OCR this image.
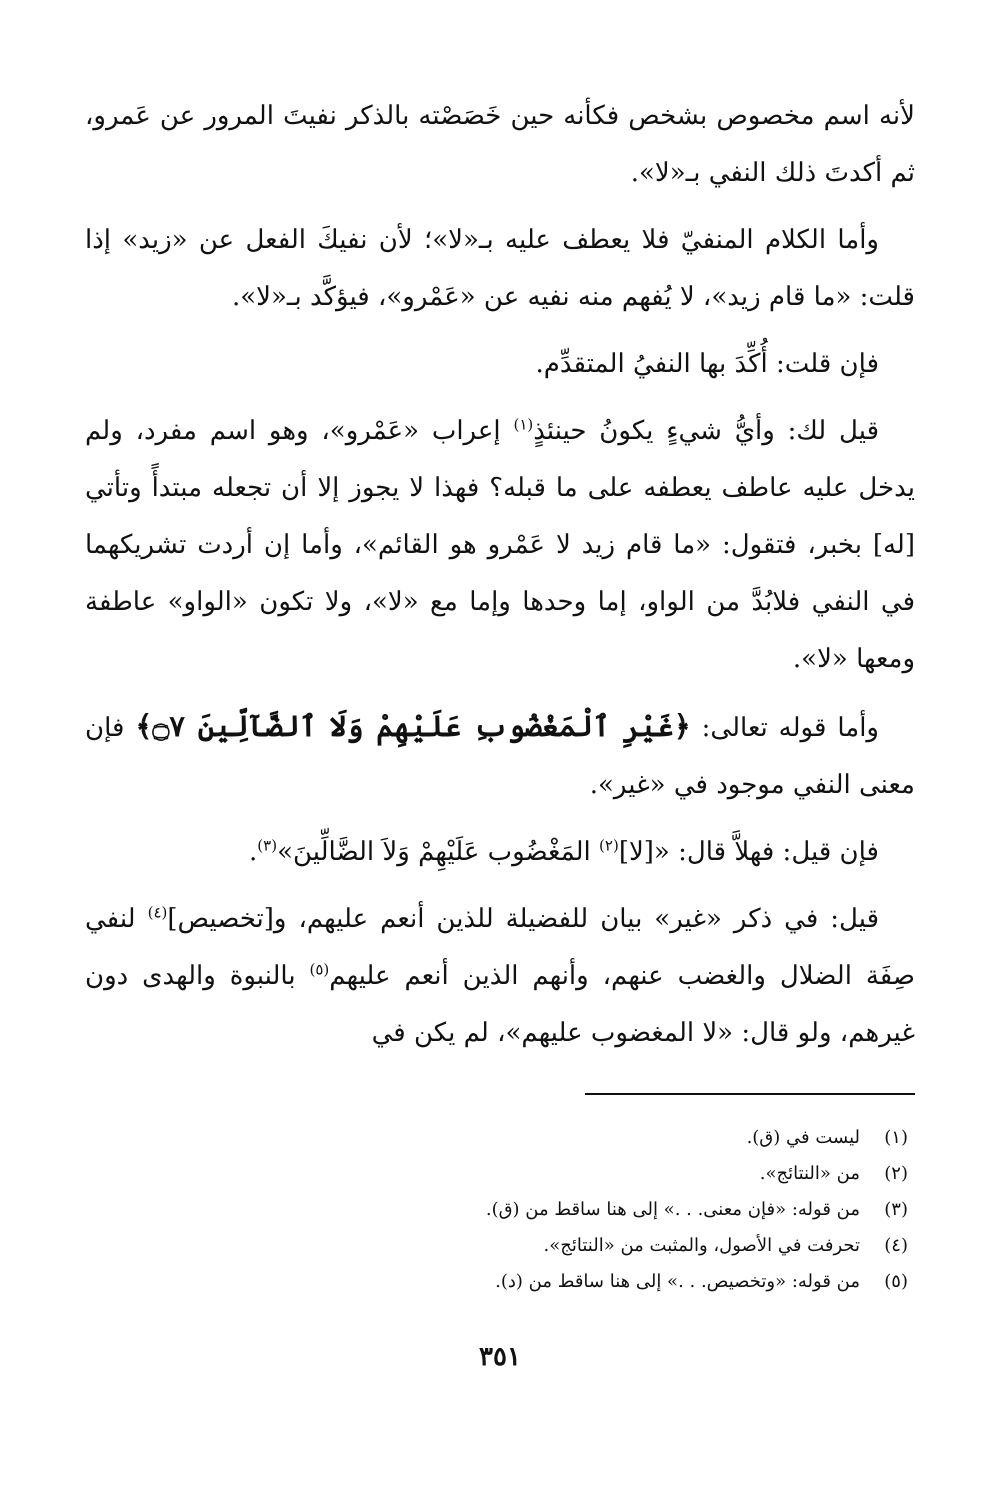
لأنه اسم مخصوص بشخص فكأنه حين خَصَصْته بالذكر نفيتَ المرور عن عَمرو، ثم أكدتَ ذلك النفي بـ«لا».

وأما الكلام المنفيّ فلا يعطف عليه بـ«لا»؛ لأن نفيكَ الفعل عن «زيد» إذا قلت: «ما قام زيد»، لا يُفهم منه نفيه عن «عَمْرو»، فيؤكَّد بـ«لا».

فإن قلت: أُكِّدَ بها النفيُ المتقدِّم.

قيل لك: وأيُّ شيءٍ يكونُ حينئذٍ$^{(١)}$ إعراب «عَمْرو»، وهو اسم مفرد، ولم يدخل عليه عاطف يعطفه على ما قبله؟ فهذا لا يجوز إلا أن تجعله مبتدأً وتأتي [له] بخبر، فتقول: «ما قام زيد لا عَمْرو هو القائم»، وأما إن أردت تشريكهما في النفي فلابُدَّ من الواو، إما وحدها وإما مع «لا»، ولا تكون «الواو» عاطفة ومعها «لا».

وأما قوله تعالى: ﴿غَيْرِ ٱلْمَغْضُوبِ عَلَيْهِمْ وَلَا ٱلضَّآلِّينَ ۝٧﴾ فإن معنى النفي موجود في «غير».

فإن قيل: فهلاَّ قال: «[لا]$^{(٢)}$ المَغْضُوب عَلَيْهِمْ وَلاَ الضَّالِّينَ»$^{(٣)}$.

قيل: في ذكر «غير» بيان للفضيلة للذين أنعم عليهم، و[تخصيص]$^{(٤)}$ لنفي صِفَة الضلال والغضب عنهم، وأنهم الذين أنعم عليهم$^{(٥)}$ بالنبوة والهدى دون غيرهم، ولو قال: «لا المغضوب عليهم»، لم يكن في

(١)
ليست في (ق).
(٢)
من «النتائج».
(٣)
من قوله: «فإن معنى. . .» إلى هنا ساقط من (ق).
(٤)
تحرفت في الأصول، والمثبت من «النتائج».
(٥)
من قوله: «وتخصيص. . .» إلى هنا ساقط من (د).
٣٥١
